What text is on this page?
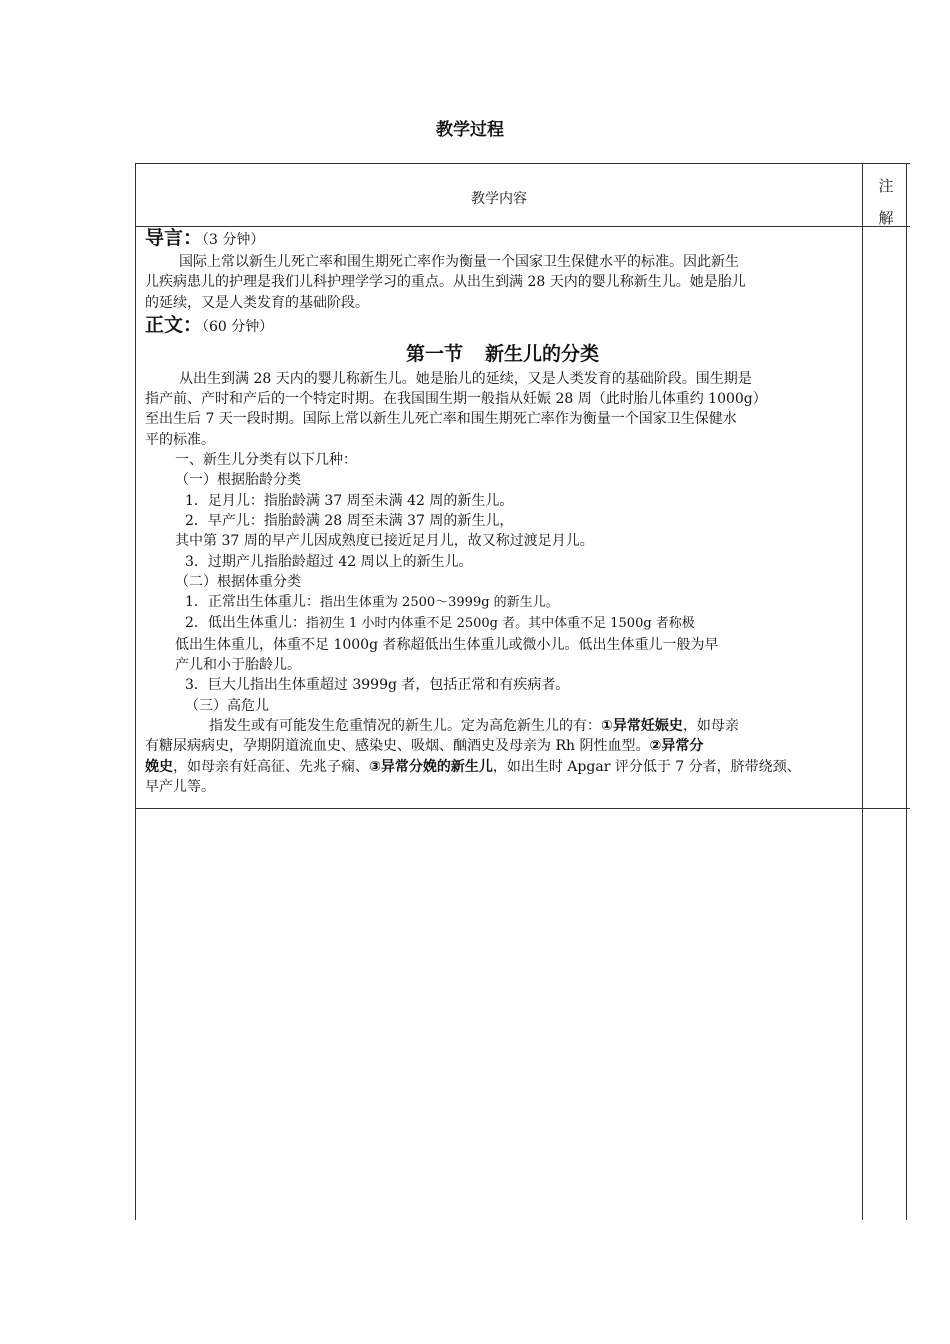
教学过程
教学内容
注
解

导言：（3 分钟）

国际上常以新生儿死亡率和围生期死亡率作为衡量一个国家卫生保健水平的标准。因此新生

儿疾病患儿的护理是我们儿科护理学学习的重点。从出生到满 28 天内的婴儿称新生儿。她是胎儿

的延续，又是人类发育的基础阶段。

正文：（60 分钟）

第一节 新生儿的分类

从出生到满 28 天内的婴儿称新生儿。她是胎儿的延续，又是人类发育的基础阶段。围生期是

指产前、产时和产后的一个特定时期。在我国围生期一般指从妊娠 28 周（此时胎儿体重约 1000g）

至出生后 7 天一段时期。国际上常以新生儿死亡率和围生期死亡率作为衡量一个国家卫生保健水

平的标准。

一、新生儿分类有以下几种：

（一）根据胎龄分类

1．足月儿：指胎龄满 37 周至未满 42 周的新生儿。

2．早产儿：指胎龄满 28 周至未满 37 周的新生儿，

其中第 37 周的早产儿因成熟度已接近足月儿，故又称过渡足月儿。

3．过期产儿指胎龄超过 42 周以上的新生儿。

（二）根据体重分类

1．正常出生体重儿：指出生体重为 2500～3999g 的新生儿。

2．低出生体重儿：指初生 1 小时内体重不足 2500g 者。其中体重不足 1500g 者称极

低出生体重儿，体重不足 1000g 者称超低出生体重儿或微小儿。低出生体重儿一般为早

产儿和小于胎龄儿。

3．巨大儿指出生体重超过 3999g 者，包括正常和有疾病者。

（三）高危儿

指发生或有可能发生危重情况的新生儿。定为高危新生儿的有：①异常妊娠史，如母亲

有糖尿病病史，孕期阴道流血史、感染史、吸烟、酗酒史及母亲为 Rh 阴性血型。②异常分

娩史，如母亲有妊高征、先兆子痫、③异常分娩的新生儿，如出生时 Apgar 评分低于 7 分者，脐带绕颈、

早产儿等。
